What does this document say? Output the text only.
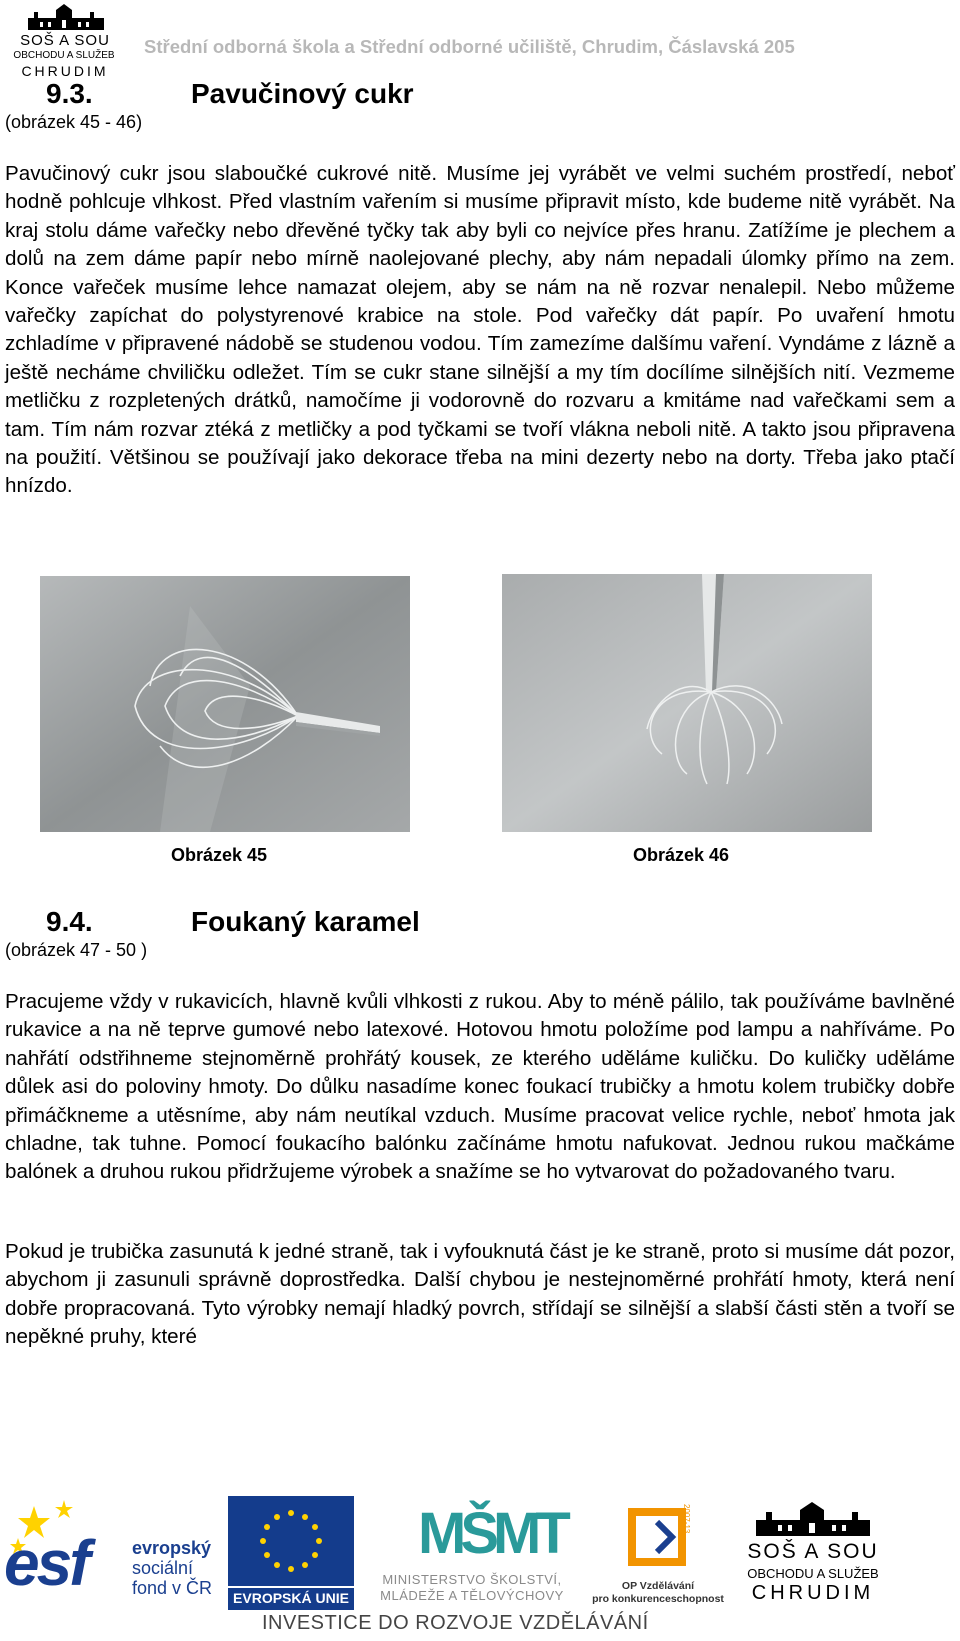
SOŠ A SOU
OBCHODU A SLUŽEB
CHRUDIM
Střední odborná škola a Střední odborné učiliště, Chrudim, Čáslavská 205
9.3.	Pavučinový cukr
(obrázek 45 - 46)

Pavučinový cukr jsou slaboučké cukrové nitě. Musíme jej vyrábět ve velmi suchém prostředí, neboť hodně pohlcuje vlhkost. Před vlastním vařením si musíme připravit místo, kde budeme nitě vyrábět. Na kraj stolu dáme vařečky nebo dřevěné tyčky tak aby byli co nejvíce přes hranu. Zatížíme je plechem a dolů na zem dáme papír nebo mírně naolejované plechy, aby nám nepadali úlomky přímo na zem. Konce vařeček musíme lehce namazat olejem, aby se nám na ně rozvar nenalepil. Nebo můžeme vařečky zapíchat do polystyrenové krabice na stole. Pod vařečky dát papír. Po uvaření hmotu zchladíme v připravené nádobě se studenou vodou. Tím zamezíme dalšímu vaření. Vyndáme z lázně a ještě necháme chviličku odležet. Tím se cukr stane silnější a my tím docílíme silnějších nití. Vezmeme metličku z rozpletených drátků, namočíme ji vodorovně do rozvaru a kmitáme nad vařečkami sem a tam. Tím nám rozvar ztéká z metličky a pod tyčkami se tvoří vlákna neboli nitě. A takto jsou připravena na použití. Většinou se používají jako dekorace třeba na mini dezerty nebo na dorty. Třeba jako ptačí hnízdo.

Obrázek 45	Obrázek 46
9.4.	Foukaný karamel
(obrázek 47 - 50 )

Pracujeme vždy v rukavicích, hlavně kvůli vlhkosti z rukou. Aby to méně pálilo, tak používáme bavlněné rukavice a na ně teprve gumové nebo latexové. Hotovou hmotu položíme pod lampu a nahříváme. Po nahřátí odstřihneme stejnoměrně prohřátý kousek, ze kterého uděláme kuličku. Do kuličky uděláme důlek asi do poloviny hmoty. Do důlku nasadíme konec foukací trubičky a hmotu kolem trubičky dobře přimáčkneme a utěsníme, aby nám neutíkal vzduch. Musíme pracovat velice rychle, neboť hmota jak chladne, tak tuhne. Pomocí foukacího balónku začínáme hmotu nafukovat. Jednou rukou mačkáme balónek a druhou rukou přidržujeme výrobek a snažíme se ho vytvarovat do požadovaného tvaru.

Pokud je trubička zasunutá k jedné straně, tak i vyfouknutá část je ke straně, proto si musíme dát pozor, abychom ji zasunuli správně doprostředka. Další chybou je nestejnoměrné prohřátí hmoty, která není dobře propracovaná. Tyto výrobky nemají hladký povrch, střídají se silnější a slabší části stěn a tvoří se nepěkné pruhy, které

esf evropský
sociální
fond v ČR	EVROPSKÁ UNIE
MŠMT
MINISTERSTVO ŠKOLSTVÍ,
MLÁDEŽE A TĚLOVÝCHOVY
2007-13
OP Vzdělávání
pro konkurenceschopnost
SOŠ A SOU
OBCHODU A SLUŽEB
CHRUDIM
INVESTICE DO ROZVOJE VZDĚLÁVÁNÍ
